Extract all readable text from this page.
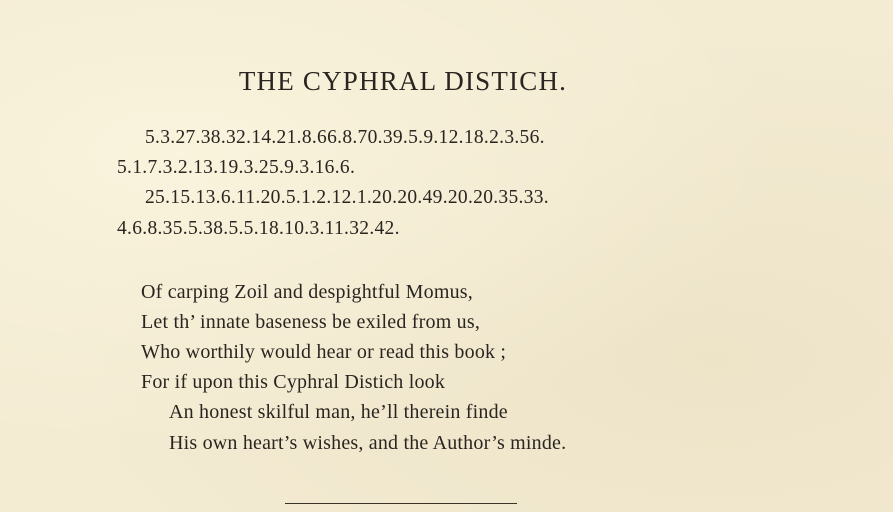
THE CYPHRAL DISTICH.
5.3.27.38.32.14.21.8.66.8.70.39.5.9.12.18.2.3.56.
5.1.7.3.2.13.19.3.25.9.3.16.6.
25.15.13.6.11.20.5.1.2.12.1.20.20.49.20.20.35.33.
4.6.8.35.5.38.5.5.18.10.3.11.32.42.
Of carping Zoil and despightful Momus,
Let th’ innate baseness be exiled from us,
Who worthily would hear or read this book ;
For if upon this Cyphral Distich look
An honest skilful man, he’ll therein finde
His own heart’s wishes, and the Author’s minde.
